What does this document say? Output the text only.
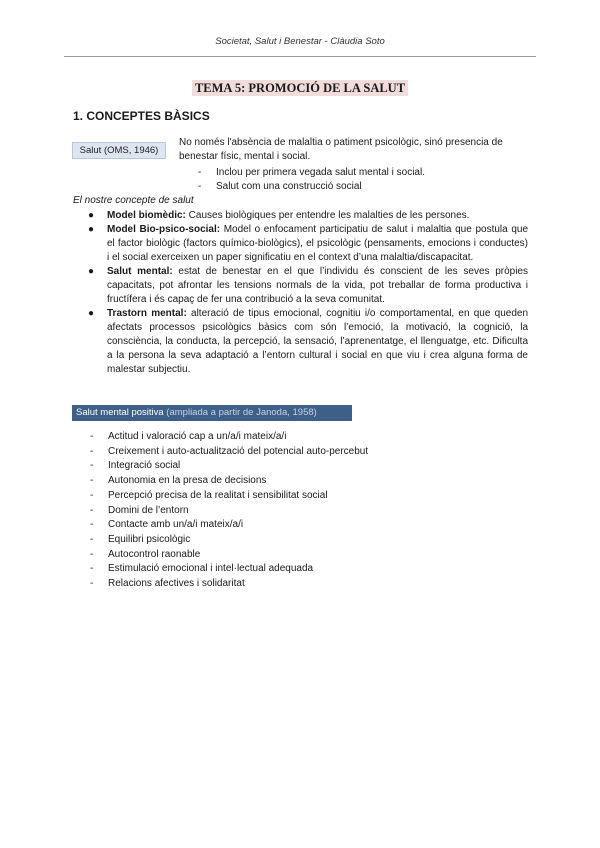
Societat, Salut i Benestar - Clàudia Soto
TEMA 5: PROMOCIÓ DE LA SALUT
1. CONCEPTES BÀSICS
Salut (OMS, 1946)

No només l'absència de malaltia o patiment psicològic, sinó presencia de benestar físic, mental i social.

- Inclou per primera vegada salut mental i social.
- Salut com una construcció social
El nostre concepte de salut
● Model biomèdic: Causes biològiques per entendre les malalties de les persones.
● Model Bio-psico-social: Model o enfocament participatiu de salut i malaltia que postula que el factor biològic (factors químico-biològics), el psicològic (pensaments, emocions i conductes) i el social exerceixen un paper significatiu en el context d’una malaltia/discapacitat.
● Salut mental: estat de benestar en el que l’individu és conscient de les seves pròpies capacitats, pot afrontar les tensions normals de la vida, pot treballar de forma productiva i fructífera i és capaç de fer una contribució a la seva comunitat.
● Trastorn mental: alteració de tipus emocional, cognitiu i/o comportamental, en que queden afectats processos psicològics bàsics com són l’emoció, la motivació, la cognició, la consciència, la conducta, la percepció, la sensació, l’aprenentatge, el llenguatge, etc. Dificulta a la persona la seva adaptació a l’entorn cultural i social en que viu i crea alguna forma de malestar subjectiu.
Salut mental positiva (ampliada a partir de Janoda, 1958)
- Actitud i valoració cap a un/a/i mateix/a/i
- Creixement i auto-actualització del potencial auto-percebut
- Integració social
- Autonomia en la presa de decisions
- Percepció precisa de la realitat i sensibilitat social
- Domini de l’entorn
- Contacte amb un/a/i mateix/a/i
- Equilibri psicològic
- Autocontrol raonable
- Estimulació emocional i intel·lectual adequada
- Relacions afectives i solidaritat
